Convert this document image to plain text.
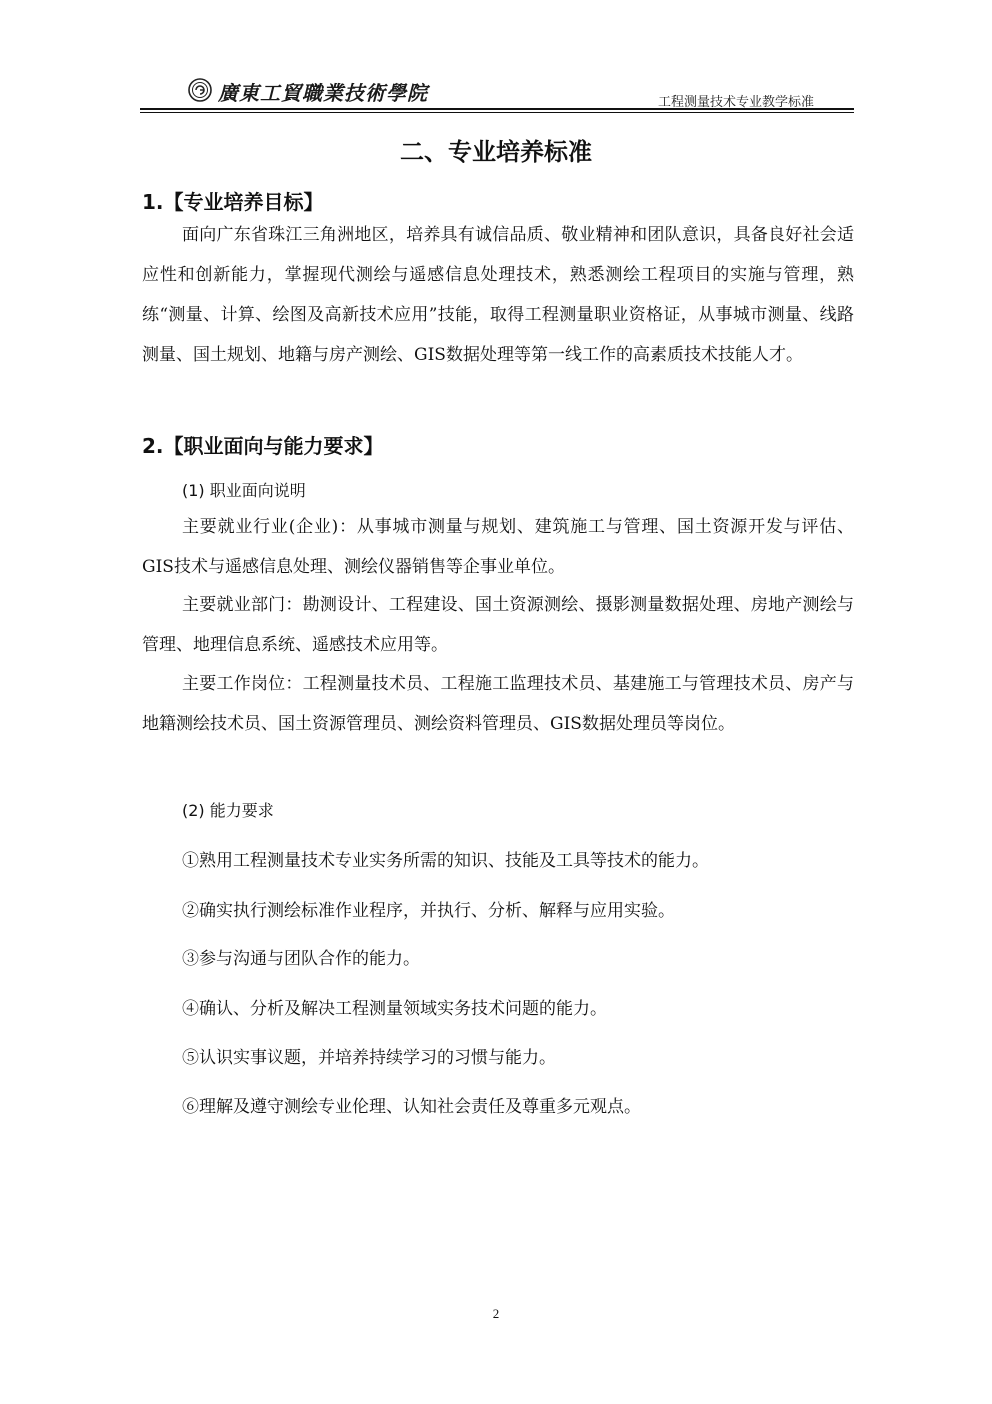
廣東工貿職業技術學院	工程测量技术专业教学标准
二、专业培养标准
1.【专业培养目标】
面向广东省珠江三角洲地区，培养具有诚信品质、敬业精神和团队意识，具备良好社会适应性和创新能力，掌握现代测绘与遥感信息处理技术，熟悉测绘工程项目的实施与管理，熟练“测量、计算、绘图及高新技术应用”技能，取得工程测量职业资格证，从事城市测量、线路测量、国土规划、地籍与房产测绘、GIS数据处理等第一线工作的高素质技术技能人才。
2.【职业面向与能力要求】
(1) 职业面向说明
主要就业行业(企业)：从事城市测量与规划、建筑施工与管理、国土资源开发与评估、GIS技术与遥感信息处理、测绘仪器销售等企事业单位。
主要就业部门：勘测设计、工程建设、国土资源测绘、摄影测量数据处理、房地产测绘与管理、地理信息系统、遥感技术应用等。
主要工作岗位：工程测量技术员、工程施工监理技术员、基建施工与管理技术员、房产与地籍测绘技术员、国土资源管理员、测绘资料管理员、GIS数据处理员等岗位。
(2) 能力要求
①熟用工程测量技术专业实务所需的知识、技能及工具等技术的能力。
②确实执行测绘标准作业程序，并执行、分析、解释与应用实验。
③参与沟通与团队合作的能力。
④确认、分析及解决工程测量领域实务技术问题的能力。
⑤认识实事议题，并培养持续学习的习惯与能力。
⑥理解及遵守测绘专业伦理、认知社会责任及尊重多元观点。
2
